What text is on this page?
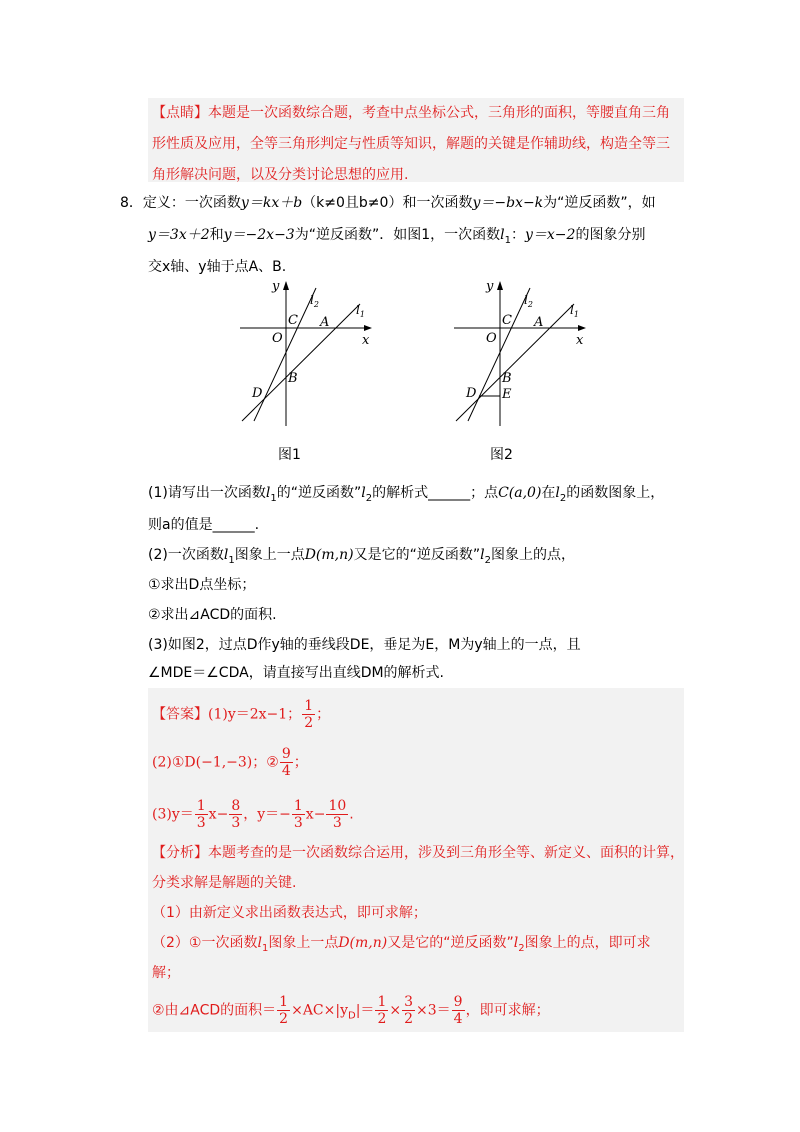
【点睛】本题是一次函数综合题，考查中点坐标公式，三角形的面积，等腰直角三角

形性质及应用，全等三角形判定与性质等知识，解题的关键是作辅助线，构造全等三

角形解决问题，以及分类讨论思想的应用.

8．定义：一次函数y＝kx＋b（k≠0且b≠0）和一次函数y＝−bx−k为“逆反函数”，如
y＝3x＋2和y＝−2x−3为“逆反函数”．如图1，一次函数$l_1$：y＝x−2的图象分别
交x轴、y轴于点A、B.
y
x
O
C A
B
D
$l_2$	$l_1$
图1
y
x
O
C A
B
D E
$l_2$	$l_1$
图2
(1)请写出一次函数$l_1$的“逆反函数$”l_2$的解析式______；点C(a,0)在$l_2$的函数图象上，
则a的值是______.
(2)一次函数$l_1$图象上一点D(m,n)又是它的“逆反函数$”l_2$图象上的点，
①求出D点坐标；
②求出⊿ACD的面积.
(3)如图2，过点D作y轴的垂线段DE，垂足为E，M为y轴上的一点，且
∠MDE＝∠CDA，请直接写出直线DM的解析式.
【答案】(1)y＝2x−1； $\frac{1}{2}$ ；
(2)①D(−1,−3)；② $\frac{9}{4}$ ；
$(3)y= \frac{1}{3} x- \frac{8}{3}$ ，$y=- \frac{1}{3} x- \frac{10}{3}$ .
【分析】本题考查的是一次函数综合运用，涉及到三角形全等、新定义、面积的计算，
分类求解是解题的关键.
（1）由新定义求出函数表达式，即可求解；
（2）①一次函数$l_1$图象上一点D(m,n)又是它的“逆反函数$”l_2$图象上的点，即可求
解；
②由⊿ACD的面积＝ $\frac{1}{2} \times AC\times|y_D|= \frac{1}{2} \times \frac{3}{2} \times 3= \frac{9}{4}$ ，即可求解；
